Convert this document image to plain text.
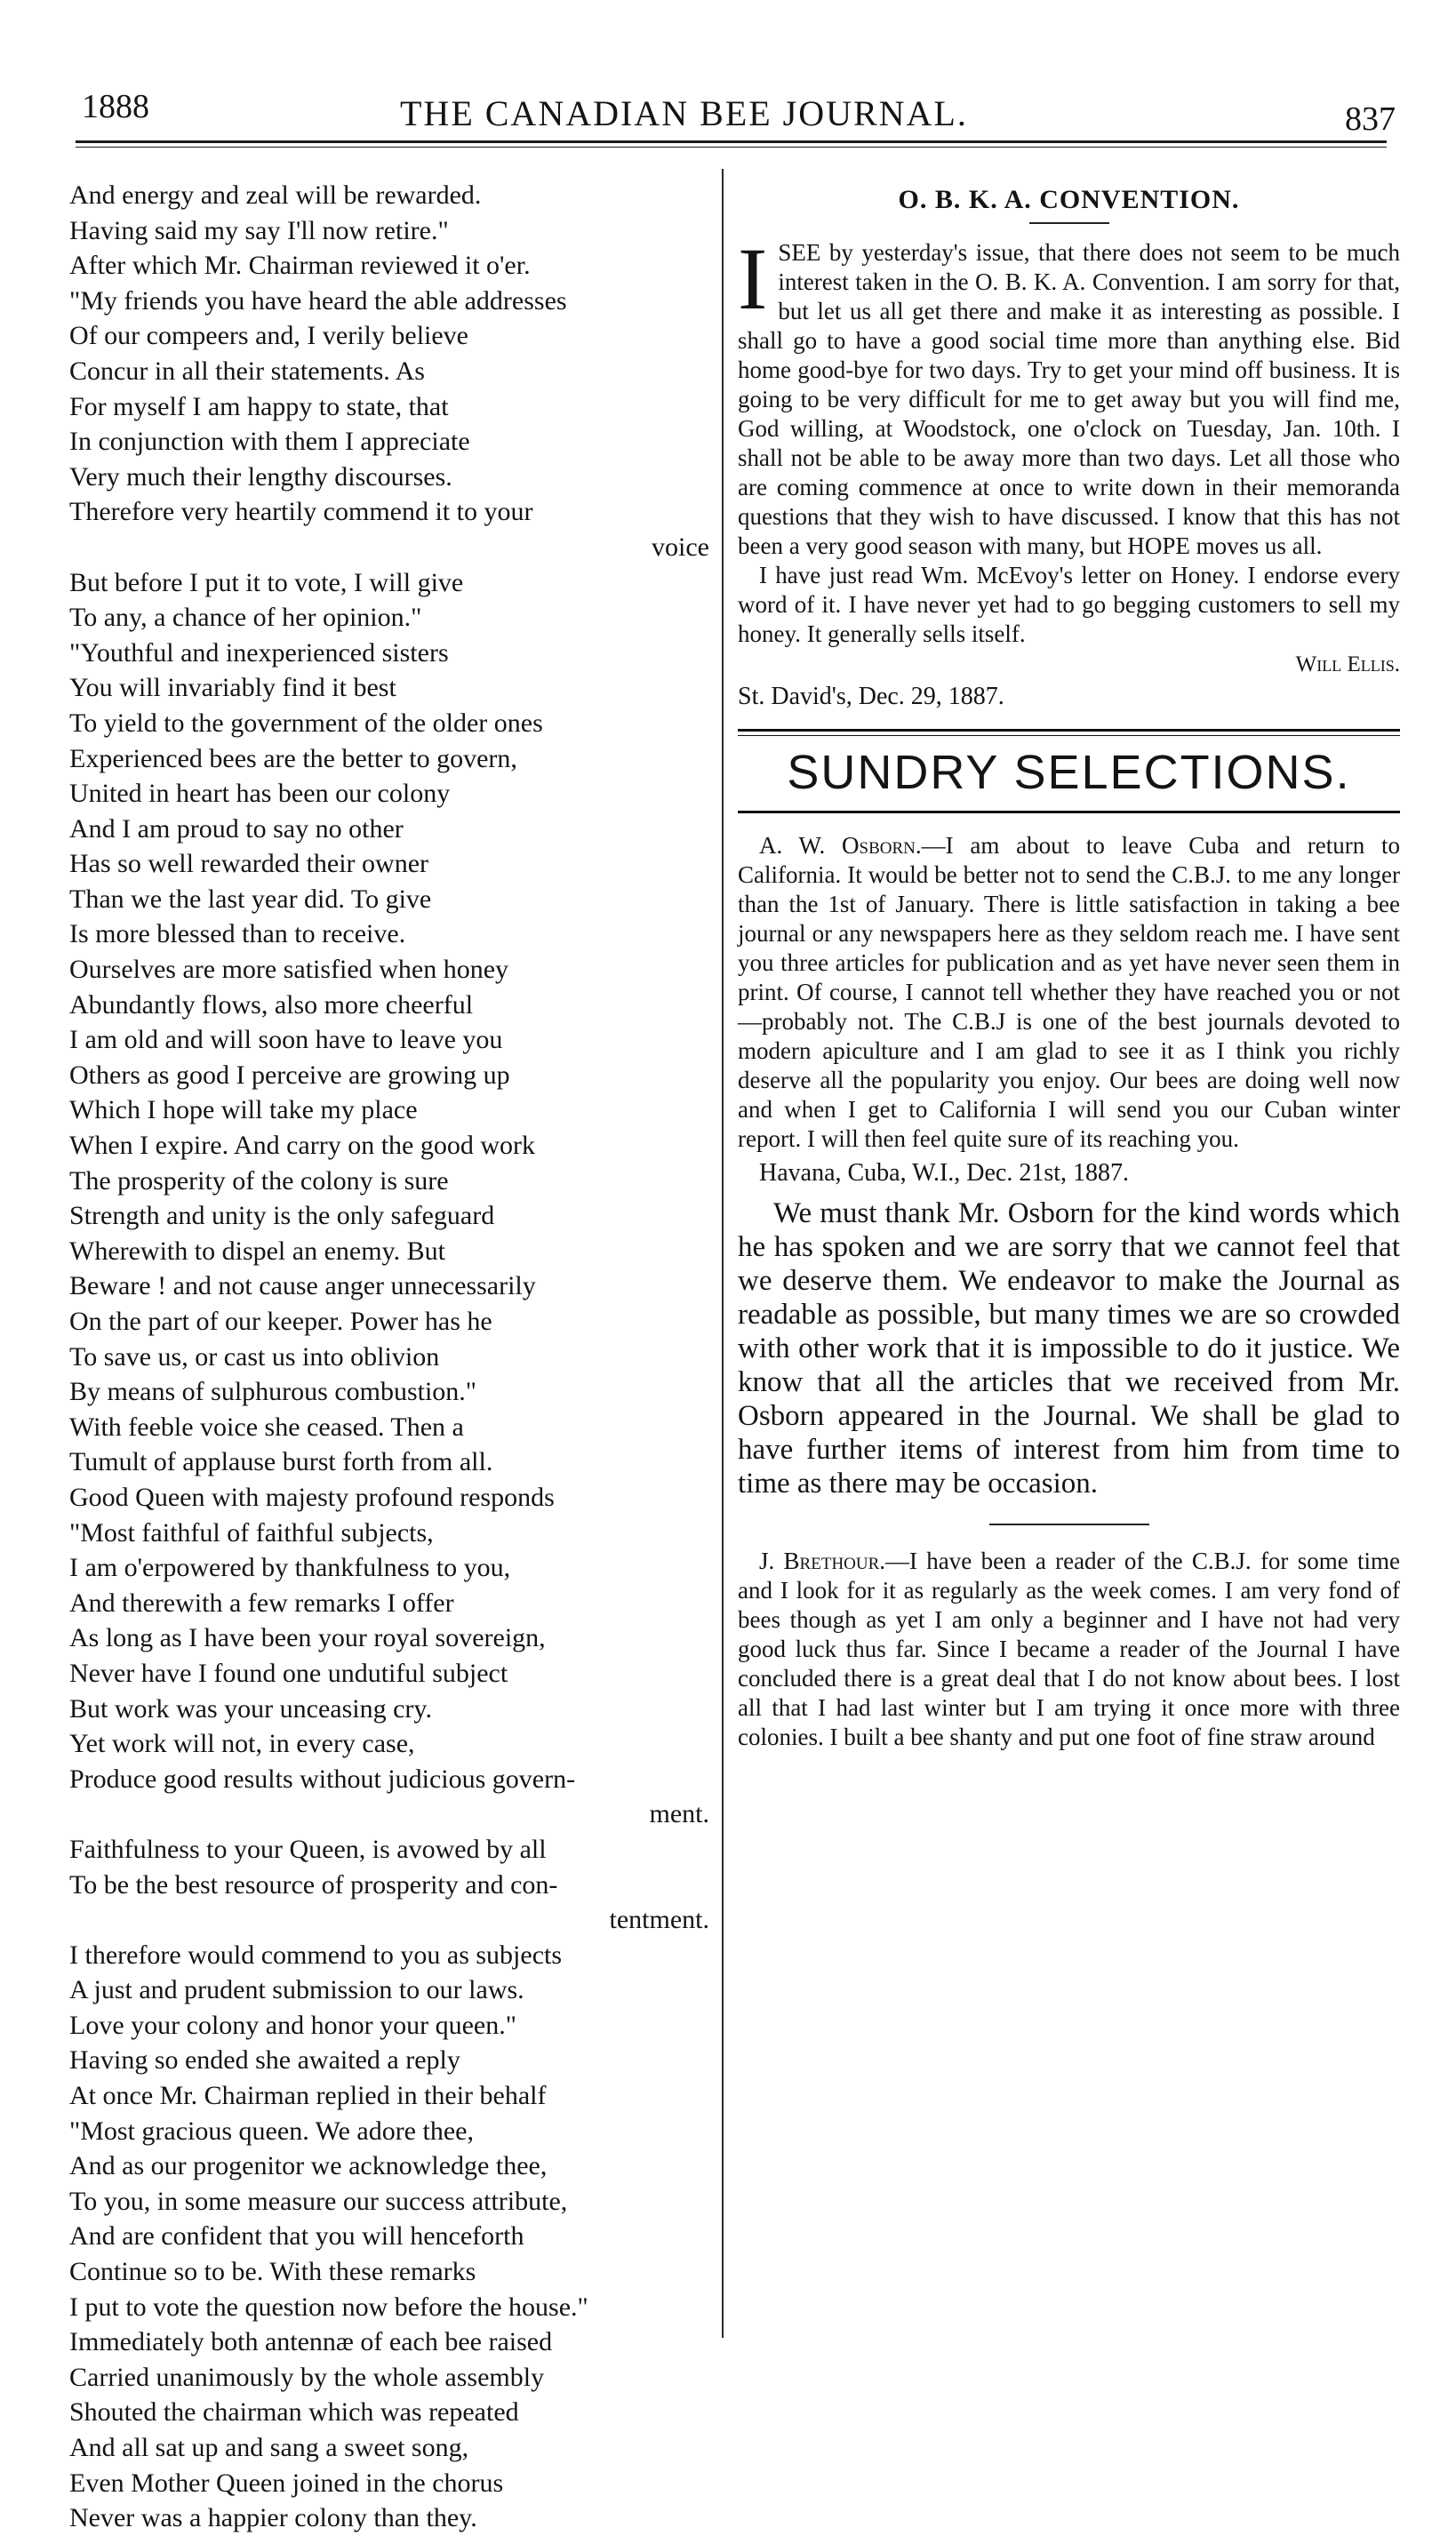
1888	THE CANADIAN BEE JOURNAL.	837
And energy and zeal will be rewarded.
Having said my say I'll now retire."
After which Mr. Chairman reviewed it o'er.
"My friends you have heard the able addresses
Of our compeers and, I verily believe
Concur in all their statements. As
For myself I am happy to state, that
In conjunction with them I appreciate
Very much their lengthy discourses.
Therefore very heartily commend it to your
voice
But before I put it to vote, I will give
To any, a chance of her opinion."
"Youthful and inexperienced sisters
You will invariably find it best
To yield to the government of the older ones
Experienced bees are the better to govern,
United in heart has been our colony
And I am proud to say no other
Has so well rewarded their owner
Than we the last year did. To give
Is more blessed than to receive.
Ourselves are more satisfied when honey
Abundantly flows, also more cheerful
I am old and will soon have to leave you
Others as good I perceive are growing up
Which I hope will take my place
When I expire. And carry on the good work
The prosperity of the colony is sure
Strength and unity is the only safeguard
Wherewith to dispel an enemy. But
Beware ! and not cause anger unnecessarily
On the part of our keeper. Power has he
To save us, or cast us into oblivion
By means of sulphurous combustion."
With feeble voice she ceased. Then a
Tumult of applause burst forth from all.
Good Queen with majesty profound responds
"Most faithful of faithful subjects,
I am o'erpowered by thankfulness to you,
And therewith a few remarks I offer
As long as I have been your royal sovereign,
Never have I found one undutiful subject
But work was your unceasing cry.
Yet work will not, in every case,
Produce good results without judicious govern-
ment.
Faithfulness to your Queen, is avowed by all
To be the best resource of prosperity and con-
tentment.
I therefore would commend to you as subjects
A just and prudent submission to our laws.
Love your colony and honor your queen."
Having so ended she awaited a reply
At once Mr. Chairman replied in their behalf
"Most gracious queen. We adore thee,
And as our progenitor we acknowledge thee,
To you, in some measure our success attribute,
And are confident that you will henceforth
Continue so to be. With these remarks
I put to vote the question now before the house."
Immediately both antennæ of each bee raised
Carried unanimously by the whole assembly
Shouted the chairman which was repeated
And all sat up and sang a sweet song,
Even Mother Queen joined in the chorus
Never was a happier colony than they.
O. B. K. A. CONVENTION.

ISEE by yesterday's issue, that there does not seem to be much interest taken in the O. B. K. A. Convention. I am sorry for that, but let us all get there and make it as interesting as possible. I shall go to have a good social time more than anything else. Bid home good-bye for two days. Try to get your mind off business. It is going to be very difficult for me to get away but you will find me, God willing, at Woodstock, one o'clock on Tuesday, Jan. 10th. I shall not be able to be away more than two days. Let all those who are coming commence at once to write down in their memoranda questions that they wish to have discussed. I know that this has not been a very good season with many, but HOPE moves us all.

I have just read Wm. McEvoy's letter on Honey. I endorse every word of it. I have never yet had to go begging customers to sell my honey. It generally sells itself.

Will Ellis.
St. David's, Dec. 29, 1887.
SUNDRY SELECTIONS.

A. W. Osborn.—I am about to leave Cuba and return to California. It would be better not to send the C.B.J. to me any longer than the 1st of January. There is little satisfaction in taking a bee journal or any newspapers here as they seldom reach me. I have sent you three articles for publication and as yet have never seen them in print. Of course, I cannot tell whether they have reached you or not—probably not. The C.B.J is one of the best journals devoted to modern apiculture and I am glad to see it as I think you richly deserve all the popularity you enjoy. Our bees are doing well now and when I get to California I will send you our Cuban winter report. I will then feel quite sure of its reaching you.

Havana, Cuba, W.I., Dec. 21st, 1887.

We must thank Mr. Osborn for the kind words which he has spoken and we are sorry that we cannot feel that we deserve them. We endeavor to make the Journal as readable as possible, but many times we are so crowded with other work that it is impossible to do it justice. We know that all the articles that we received from Mr. Osborn appeared in the Journal. We shall be glad to have further items of interest from him from time to time as there may be occasion.

J. Brethour.—I have been a reader of the C.B.J. for some time and I look for it as regularly as the week comes. I am very fond of bees though as yet I am only a beginner and I have not had very good luck thus far. Since I became a reader of the Journal I have concluded there is a great deal that I do not know about bees. I lost all that I had last winter but I am trying it once more with three colonies. I built a bee shanty and put one foot of fine straw around
